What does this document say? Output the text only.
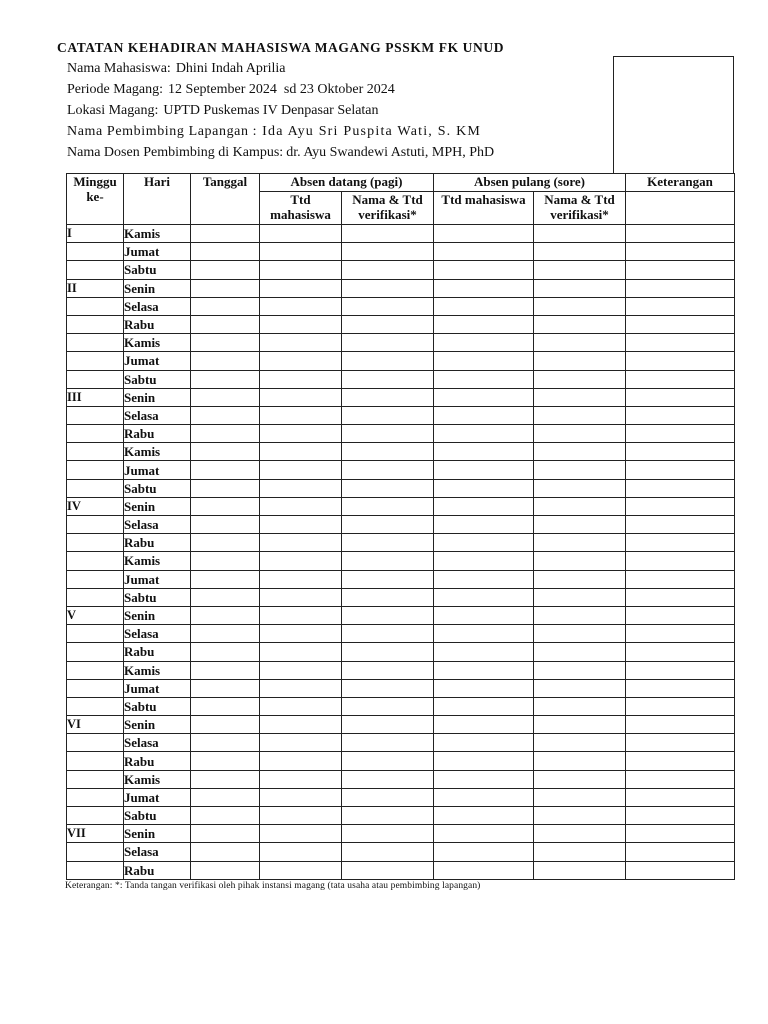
CATATAN KEHADIRAN MAHASISWA MAGANG PSSKM FK UNUD
Nama Mahasiswa: Dhini Indah Aprilia
Periode Magang: 12 September 2024  sd 23 Oktober 2024
Lokasi Magang: UPTD Puskemas IV Denpasar Selatan
Nama Pembimbing Lapangan : Ida Ayu Sri Puspita Wati, S. KM
Nama Dosen Pembimbing di Kampus: dr. Ayu Swandewi Astuti, MPH, PhD
Minggu ke-	Hari	Tanggal	Absen datang (pagi)		Absen pulang (sore)		Keterangan
			Ttd mahasiswa	Nama & Ttd verifikasi*	Ttd mahasiswa	Nama & Ttd verifikasi*	
I	Kamis						
	Jumat						
	Sabtu						
II	Senin						
	Selasa						
	Rabu						
	Kamis						
	Jumat						
	Sabtu						
III	Senin						
	Selasa						
	Rabu						
	Kamis						
	Jumat						
	Sabtu						
IV	Senin						
	Selasa						
	Rabu						
	Kamis						
	Jumat						
	Sabtu						
V	Senin						
	Selasa						
	Rabu						
	Kamis						
	Jumat						
	Sabtu						
VI	Senin						
	Selasa						
	Rabu						
	Kamis						
	Jumat						
	Sabtu						
VII	Senin						
	Selasa						
	Rabu						
Keterangan: *: Tanda tangan verifikasi oleh pihak instansi magang (tata usaha atau pembimbing lapangan)
